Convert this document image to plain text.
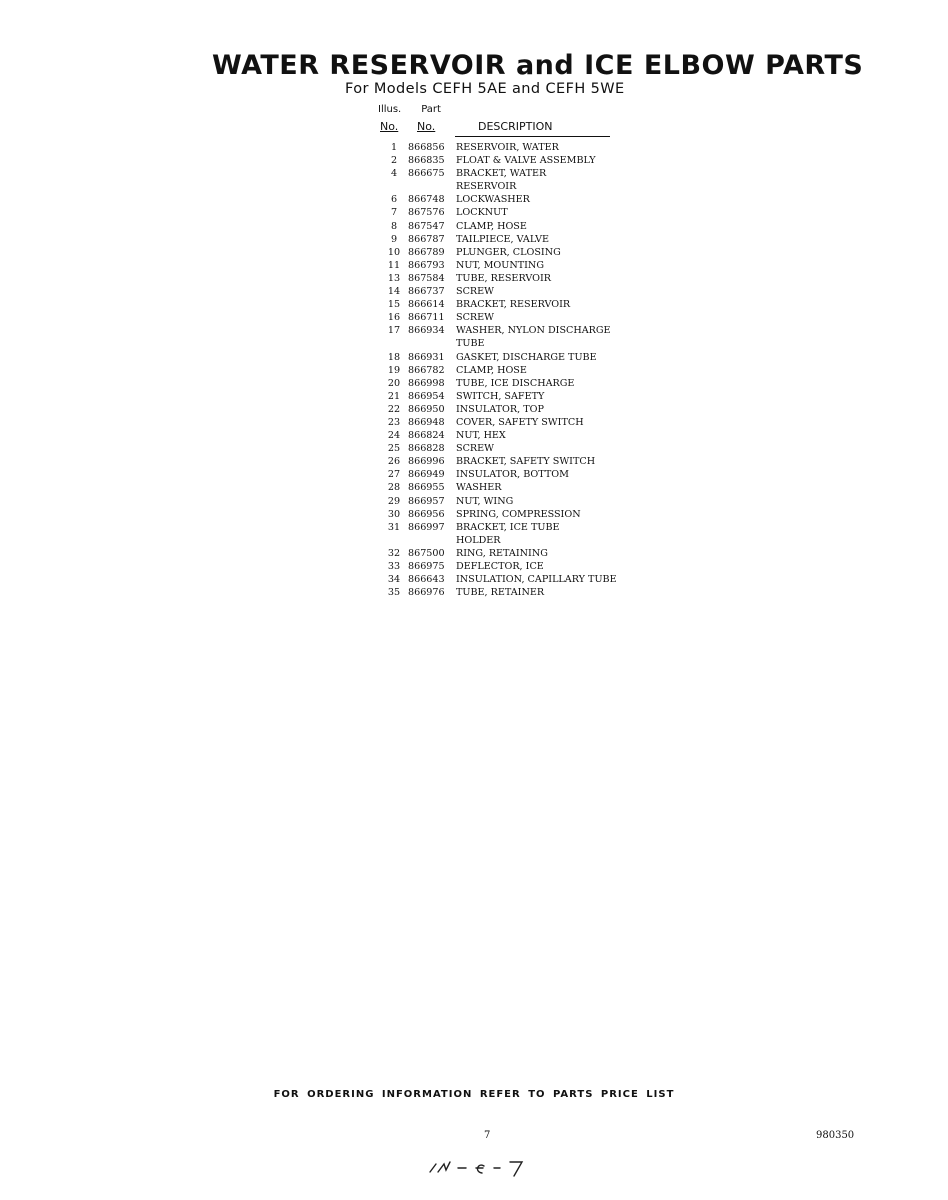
WATER RESERVOIR and ICE ELBOW PARTS
For Models CEFH 5AE and CEFH 5WE
Illus. Part
No. No.	DESCRIPTION
1	866856	RESERVOIR, WATER
2	866835	FLOAT & VALVE ASSEMBLY
4	866675	BRACKET, WATER
RESERVOIR
6	866748	LOCKWASHER
7	867576	LOCKNUT
8	867547	CLAMP, HOSE
9	866787	TAILPIECE, VALVE
10 866789	PLUNGER, CLOSING
11 866793	NUT, MOUNTING
13 867584	TUBE, RESERVOIR
14 866737	SCREW
15 866614	BRACKET, RESERVOIR
16 866711	SCREW
17 866934	WASHER, NYLON DISCHARGE
TUBE
18 866931	GASKET, DISCHARGE TUBE
19 866782	CLAMP, HOSE
20 866998	TUBE, ICE DISCHARGE
21 866954	SWITCH, SAFETY
22 866950	INSULATOR, TOP
23 866948	COVER, SAFETY SWITCH
24 866824	NUT, HEX
25 866828	SCREW
26 866996	BRACKET, SAFETY SWITCH
27 866949	INSULATOR, BOTTOM
28 866955	WASHER
29 866957	NUT, WING
30 866956	SPRING, COMPRESSION
31 866997	BRACKET, ICE TUBE
HOLDER
32 867500	RING, RETAINING
33 866975	DEFLECTOR, ICE
34 866643	INSULATION, CAPILLARY TUBE
35 866976	TUBE, RETAINER
FOR ORDERING INFORMATION REFER TO PARTS PRICE LIST
7	980350
